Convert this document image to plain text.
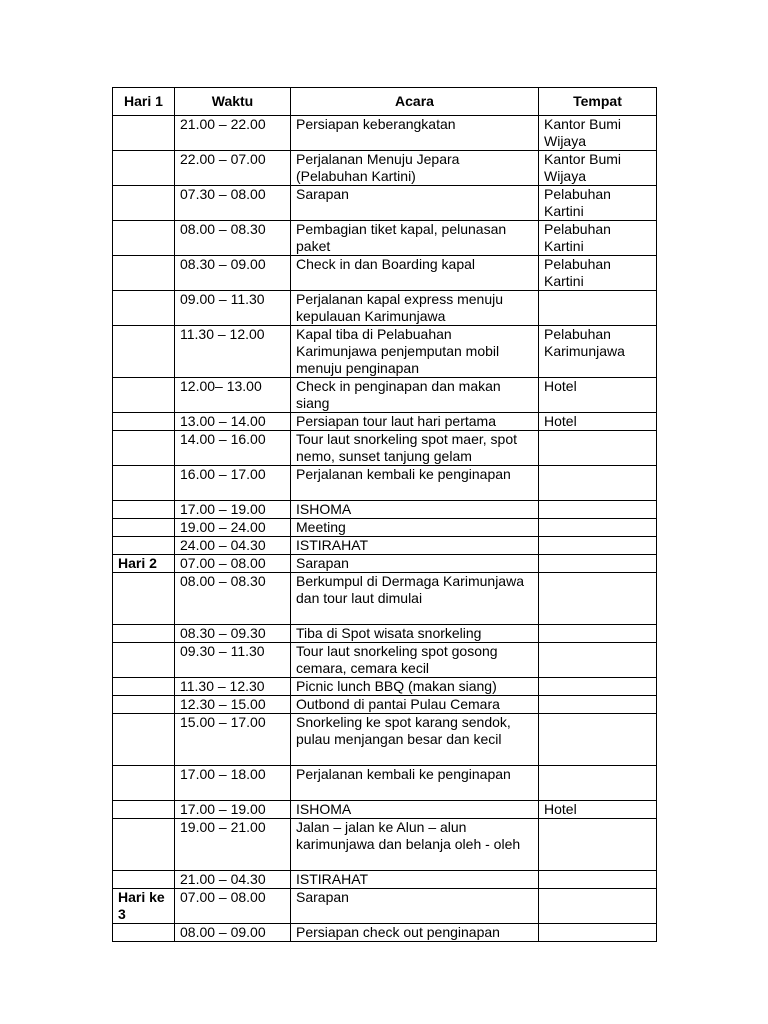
Hari 1	Waktu	Acara	Tempat
	21.00 – 22.00	Persiapan keberangkatan	Kantor Bumi Wijaya
	22.00 – 07.00	Perjalanan Menuju Jepara (Pelabuhan Kartini)	Kantor Bumi Wijaya
	07.30 – 08.00	Sarapan	Pelabuhan Kartini
	08.00 – 08.30	Pembagian tiket kapal, pelunasan paket	Pelabuhan Kartini
	08.30 – 09.00	Check in dan Boarding kapal	Pelabuhan Kartini
	09.00 – 11.30	Perjalanan kapal express menuju kepulauan Karimunjawa	
	11.30 – 12.00	Kapal tiba di Pelabuahan Karimunjawa penjemputan mobil menuju penginapan	Pelabuhan Karimunjawa
	12.00– 13.00	Check in penginapan dan makan siang	Hotel
	13.00 – 14.00	Persiapan tour laut hari pertama	Hotel
	14.00 – 16.00	Tour laut snorkeling spot maer, spot nemo, sunset tanjung gelam	
	16.00 – 17.00	Perjalanan kembali ke penginapan	
	17.00 – 19.00	ISHOMA	
	19.00 – 24.00	Meeting	
	24.00 – 04.30	ISTIRAHAT	
Hari 2	07.00 – 08.00	Sarapan	
	08.00 – 08.30	Berkumpul di Dermaga Karimunjawa dan tour laut dimulai	
	08.30 – 09.30	Tiba di Spot wisata snorkeling	
	09.30 – 11.30	Tour laut snorkeling spot gosong cemara, cemara kecil	
	11.30 – 12.30	Picnic lunch BBQ (makan siang)	
	12.30 – 15.00	Outbond di pantai Pulau Cemara	
	15.00 – 17.00	Snorkeling ke spot karang sendok, pulau menjangan besar dan kecil	
	17.00 – 18.00	Perjalanan kembali ke penginapan	
	17.00 – 19.00	ISHOMA	Hotel
	19.00 – 21.00	Jalan – jalan ke Alun – alun karimunjawa dan belanja oleh - oleh	
	21.00 – 04.30	ISTIRAHAT	
Hari ke 3	07.00 – 08.00	Sarapan	
	08.00 – 09.00	Persiapan check out penginapan	
